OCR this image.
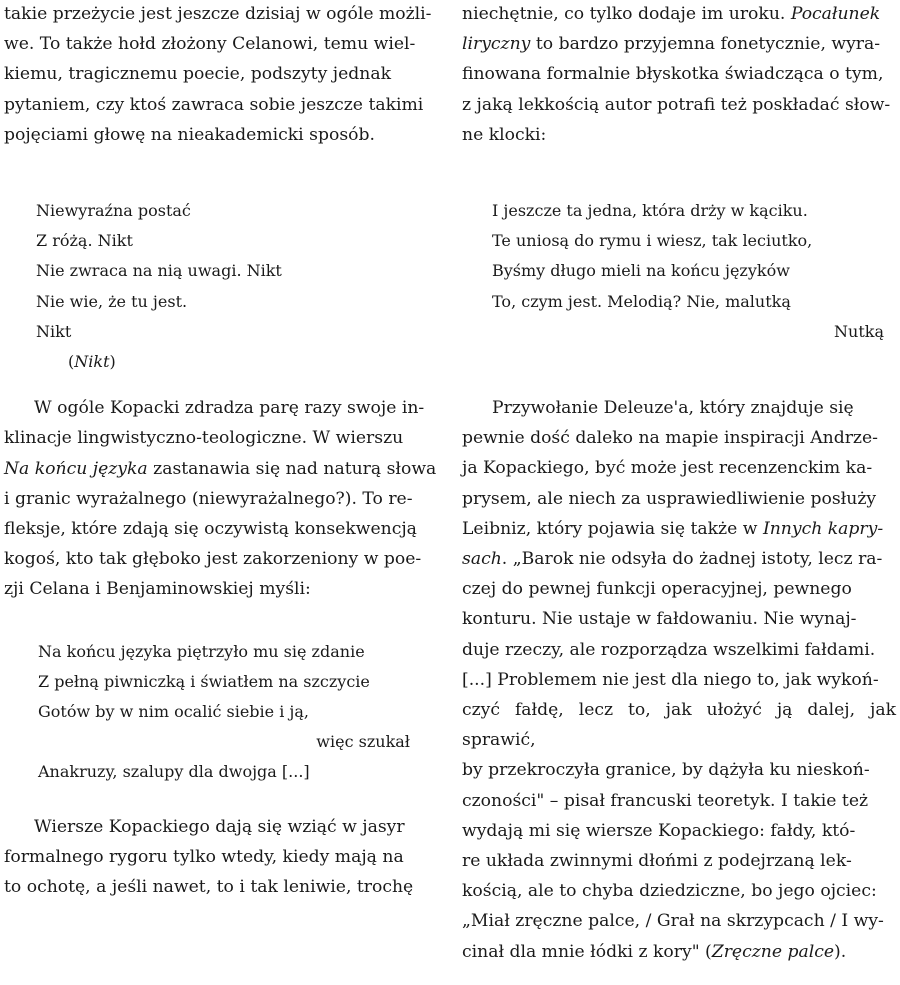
takie przeżycie jest jeszcze dzisiaj w ogóle możli-
we. To także hołd złożony Celanowi, temu wiel-
kiemu, tragicznemu poecie, podszyty jednak
pytaniem, czy ktoś zawraca sobie jeszcze takimi
pojęciami głowę na nieakademicki sposób.

Niewyraźna postać
Z różą. Nikt
Nie zwraca na nią uwagi. Nikt
Nie wie, że tu jest.
Nikt
(Nikt)

W ogóle Kopacki zdradza parę razy swoje in-
klinacje lingwistyczno-teologiczne. W wierszu
Na końcu języka zastanawia się nad naturą słowa
i granic wyrażalnego (niewyrażalnego?). To re-
fleksje, które zdają się oczywistą konsekwencją
kogoś, kto tak głęboko jest zakorzeniony w poe-
zji Celana i Benjaminowskiej myśli:

Na końcu języka piętrzyło mu się zdanie
Z pełną piwniczką i światłem na szczycie
Gotów by w nim ocalić siebie i ją,
więc szukał
Anakruzy, szalupy dla dwojga [...]

Wiersze Kopackiego dają się wziąć w jasyr
formalnego rygoru tylko wtedy, kiedy mają na
to ochotę, a jeśli nawet, to i tak leniwie, trochę

niechętnie, co tylko dodaje im uroku. Pocałunek
liryczny to bardzo przyjemna fonetycznie, wyra-
finowana formalnie błyskotka świadcząca o tym,
z jaką lekkością autor potrafi też poskładać słow-
ne klocki:

I jeszcze ta jedna, która drży w kąciku.
Te uniosą do rymu i wiesz, tak leciutko,
Byśmy długo mieli na końcu języków
To, czym jest. Melodią? Nie, malutką
Nutką

Przywołanie Deleuze'a, który znajduje się
pewnie dość daleko na mapie inspiracji Andrze-
ja Kopackiego, być może jest recenzenckim ka-
prysem, ale niech za usprawiedliwienie posłuży
Leibniz, który pojawia się także w Innych kapry-
sach. „Barok nie odsyła do żadnej istoty, lecz ra-
czej do pewnej funkcji operacyjnej, pewnego
konturu. Nie ustaje w fałdowaniu. Nie wynaj-
duje rzeczy, ale rozporządza wszelkimi fałdami.
[...] Problemem nie jest dla niego to, jak wykoń-
czyć fałdę, lecz to, jak ułożyć ją dalej, jak sprawić,
by przekroczyła granice, by dążyła ku nieskoń-
czoności" – pisał francuski teoretyk. I takie też
wydają mi się wiersze Kopackiego: fałdy, któ-
re układa zwinnymi dłońmi z podejrzaną lek-
kością, ale to chyba dziedziczne, bo jego ojciec:
„Miał zręczne palce, / Grał na skrzypcach / I wy-
cinał dla mnie łódki z kory" (Zręczne palce).
